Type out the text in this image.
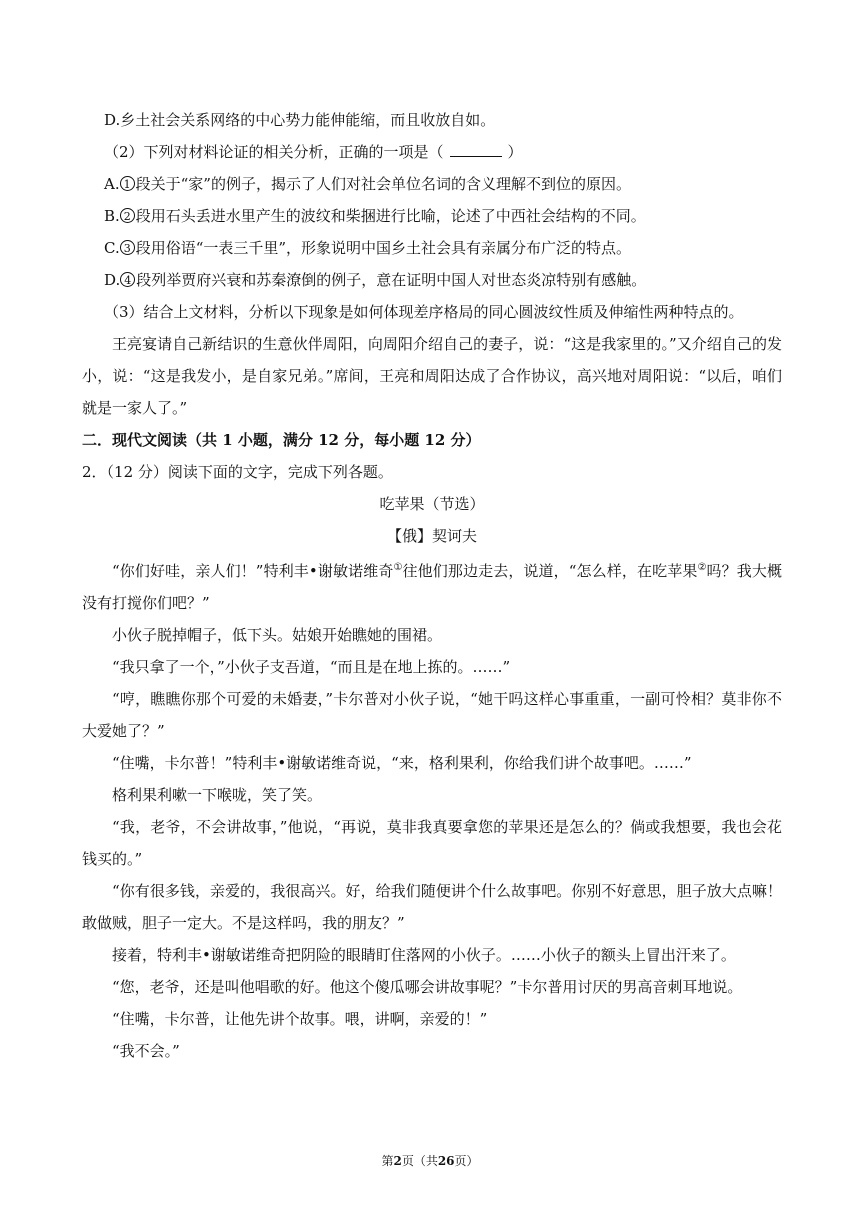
D.乡土社会关系网络的中心势力能伸能缩，而且收放自如。
（2）下列对材料论证的相关分析，正确的一项是（	）
A. 1 段关于“家”的例子，揭示了人们对社会单位名词的含义理解不到位的原因。
B. 2 段用石头丢进水里产生的波纹和柴捆进行比喻，论述了中西社会结构的不同。
C. 3 段用俗语“一表三千里”，形象说明中国乡土社会具有亲属分布广泛的特点。
D. 4 段列举贾府兴衰和苏秦潦倒的例子，意在证明中国人对世态炎凉特别有感触。
（3）结合上文材料，分析以下现象是如何体现差序格局的同心圆波纹性质及伸缩性两种特点的。
王亮宴请自己新结识的生意伙伴周阳，向周阳介绍自己的妻子，说：“这是我家里的。”又介绍自己的发小，说：“这是我发小，是自家兄弟。”席间，王亮和周阳达成了合作协议，高兴地对周阳说：“以后，咱们就是一家人了。”
二．现代文阅读（共 1 小题，满分 12 分，每小题 12 分）
2．（12 分）阅读下面的文字，完成下列各题。
吃苹果（节选）
【俄】契诃夫
“你们好哇，亲人们！”特利丰•谢敏诺维奇①往他们那边走去，说道，“怎么样，在吃苹果②吗？我大概没有打搅你们吧？”
小伙子脱掉帽子，低下头。姑娘开始瞧她的围裙。
“我只拿了一个，”小伙子支吾道，“而且是在地上拣的。……”
“哼，瞧瞧你那个可爱的未婚妻，”卡尔普对小伙子说，“她干吗这样心事重重，一副可怜相？莫非你不大爱她了？”
“住嘴，卡尔普！”特利丰•谢敏诺维奇说，“来，格利果利，你给我们讲个故事吧。……”
格利果利嗽一下喉咙，笑了笑。
“我，老爷，不会讲故事，”他说，“再说，莫非我真要拿您的苹果还是怎么的？倘或我想要，我也会花钱买的。”
“你有很多钱，亲爱的，我很高兴。好，给我们随便讲个什么故事吧。你别不好意思，胆子放大点嘛！敢做贼，胆子一定大。不是这样吗，我的朋友？”
接着，特利丰•谢敏诺维奇把阴险的眼睛盯住落网的小伙子。……小伙子的额头上冒出汗来了。
“您，老爷，还是叫他唱歌的好。他这个傻瓜哪会讲故事呢？”卡尔普用讨厌的男高音刺耳地说。
“住嘴，卡尔普，让他先讲个故事。喂，讲啊，亲爱的！”
“我不会。”
第2页（共26页）
